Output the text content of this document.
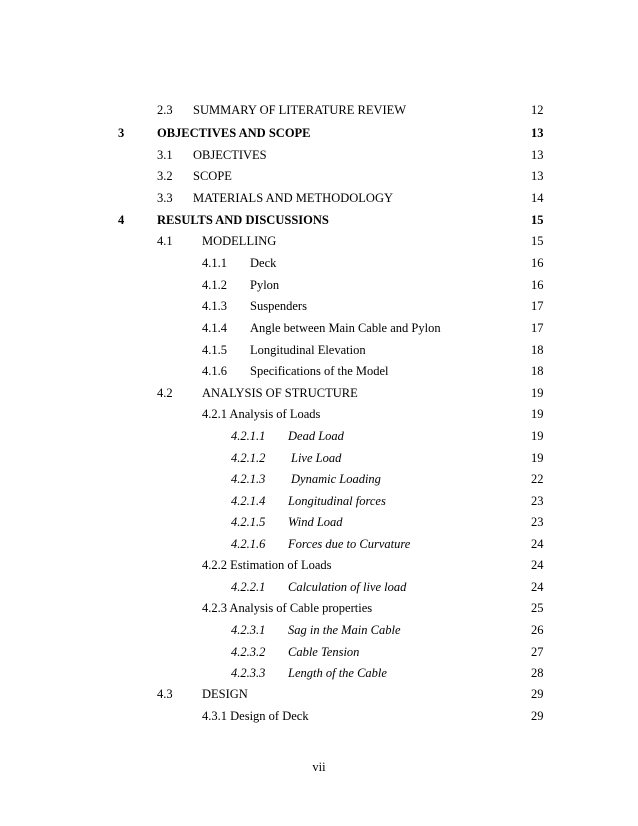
2.3 SUMMARY OF LITERATURE REVIEW	12
3	OBJECTIVES AND SCOPE	13
3.1 OBJECTIVES	13
3.2 SCOPE	13
3.3 MATERIALS AND METHODOLOGY	14
4	RESULTS AND DISCUSSIONS	15
4.1 MODELLING	15
4.1.1 Deck	16
4.1.2 Pylon	16
4.1.3 Suspenders	17
4.1.4 Angle between Main Cable and Pylon	17
4.1.5 Longitudinal Elevation	18
4.1.6 Specifications of the Model	18
4.2 ANALYSIS OF STRUCTURE	19
4.2.1 Analysis of Loads	19
4.2.1.1 Dead Load	19
4.2.1.2 Live Load	19
4.2.1.3 Dynamic Loading	22
4.2.1.4 Longitudinal forces	23
4.2.1.5 Wind Load	23
4.2.1.6 Forces due to Curvature	24
4.2.2 Estimation of Loads	24
4.2.2.1 Calculation of live load	24
4.2.3 Analysis of Cable properties	25
4.2.3.1 Sag in the Main Cable	26
4.2.3.2 Cable Tension	27
4.2.3.3 Length of the Cable	28
4.3 DESIGN	29
4.3.1 Design of Deck	29
vii
